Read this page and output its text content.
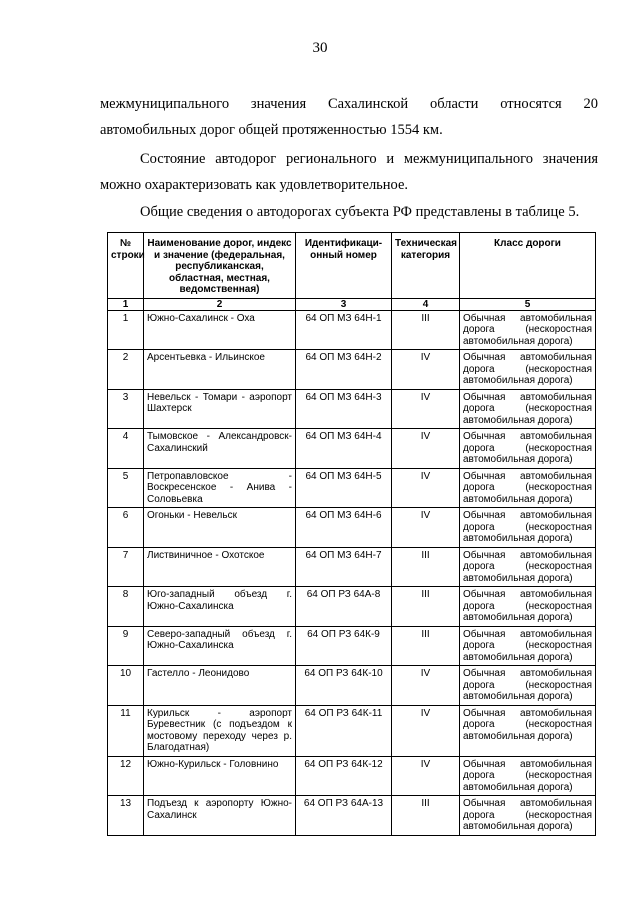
30

межмуниципального значения Сахалинской области относятся 20 автомобильных дорог общей протяженностью 1554 км.

Состояние автодорог регионального и межмуниципального значения можно охарактеризовать как удовлетворительное.

Общие сведения о автодорогах субъекта РФ представлены в таблице 5.

№ строки	Наименование дорог, индекс и значение (федеральная, республиканская, областная, местная, ведомственная)	Идентификаци-онный номер	Техническая категория	Класс дороги
1	2	3	4	5
1	Южно-Сахалинск - Оха	64 ОП МЗ 64Н-1	III	Обычная автомобильная дорога (нескоростная автомобильная дорога)
2	Арсентьевка - Ильинское	64 ОП МЗ 64Н-2	IV	Обычная автомобильная дорога (нескоростная автомобильная дорога)
3	Невельск - Томари - аэропорт Шахтерск	64 ОП МЗ 64Н-3	IV	Обычная автомобильная дорога (нескоростная автомобильная дорога)
4	Тымовское - Александровск-Сахалинский	64 ОП МЗ 64Н-4	IV	Обычная автомобильная дорога (нескоростная автомобильная дорога)
5	Петропавловское - Воскресенское - Анива - Соловьевка	64 ОП МЗ 64Н-5	IV	Обычная автомобильная дорога (нескоростная автомобильная дорога)
6	Огоньки - Невельск	64 ОП МЗ 64Н-6	IV	Обычная автомобильная дорога (нескоростная автомобильная дорога)
7	Листвиничное - Охотское	64 ОП МЗ 64Н-7	III	Обычная автомобильная дорога (нескоростная автомобильная дорога)
8	Юго-западный объезд г. Южно-Сахалинска	64 ОП РЗ 64А-8	III	Обычная автомобильная дорога (нескоростная автомобильная дорога)
9	Северо-западный объезд г. Южно-Сахалинска	64 ОП РЗ 64К-9	III	Обычная автомобильная дорога (нескоростная автомобильная дорога)
10	Гастелло - Леонидово	64 ОП РЗ 64К-10	IV	Обычная автомобильная дорога (нескоростная автомобильная дорога)
11	Курильск - аэропорт Буревестник (с подъездом к мостовому переходу через р. Благодатная)	64 ОП РЗ 64К-11	IV	Обычная автомобильная дорога (нескоростная автомобильная дорога)
12	Южно-Курильск - Головнино	64 ОП РЗ 64К-12	IV	Обычная автомобильная дорога (нескоростная автомобильная дорога)
13	Подъезд к аэропорту Южно-Сахалинск	64 ОП РЗ 64А-13	III	Обычная автомобильная дорога (нескоростная автомобильная дорога)
